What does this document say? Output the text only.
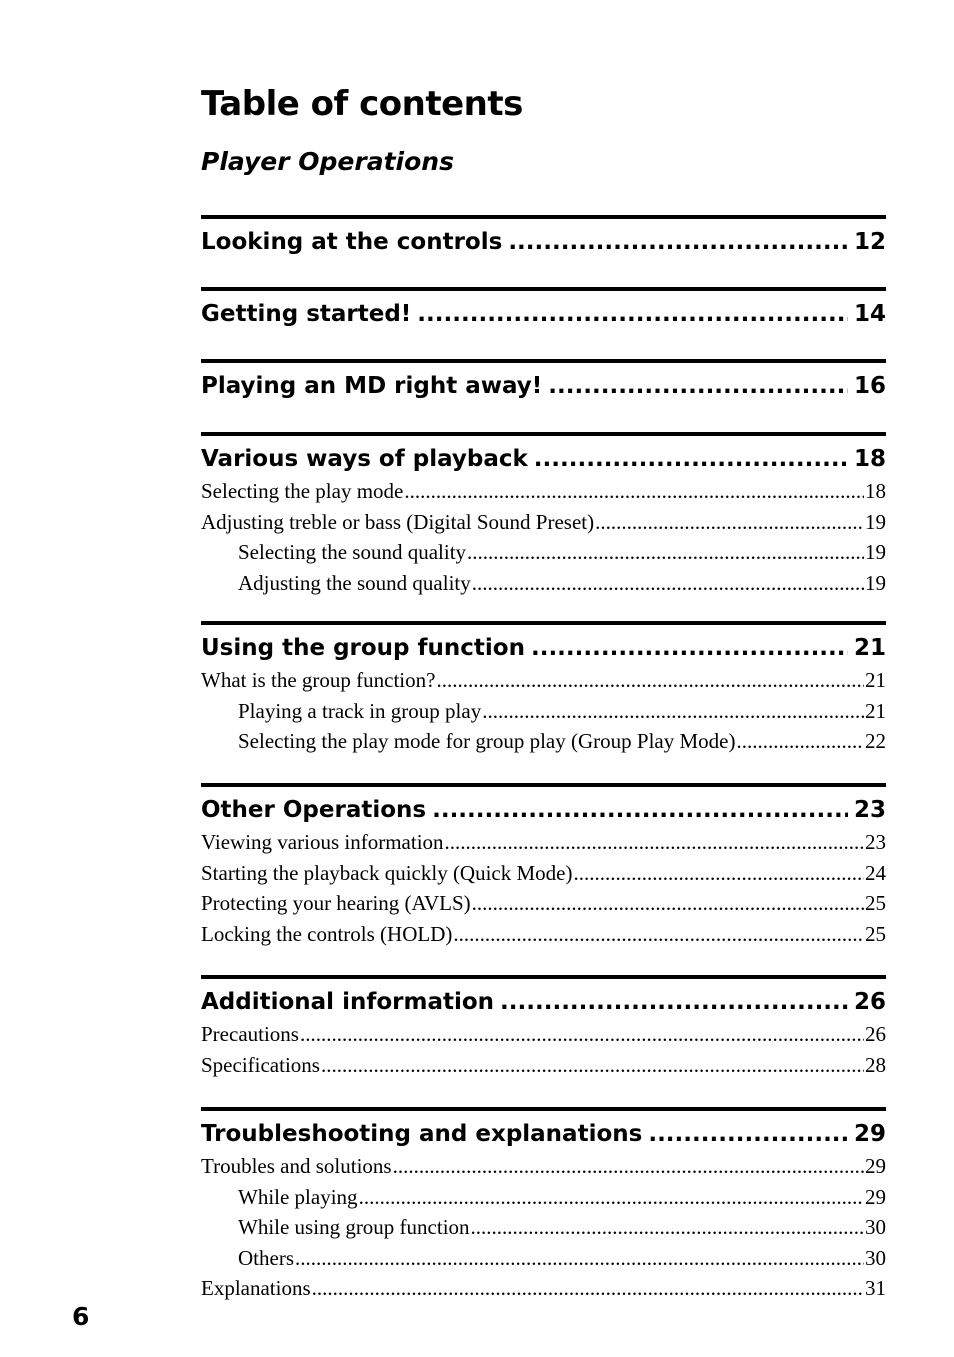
Table of contents
Player Operations
Looking at the controls .....	12
Getting started! .....	14
Playing an MD right away! .....	16
Various ways of playback .....	18
Selecting the play mode .....	18
Adjusting treble or bass (Digital Sound Preset) .....	19
Selecting the sound quality .....	19
Adjusting the sound quality .....	19
Using the group function .....	21
What is the group function? .....	21
Playing a track in group play .....	21
Selecting the play mode for group play (Group Play Mode) .....	22
Other Operations .....	23
Viewing various information .....	23
Starting the playback quickly (Quick Mode) .....	24
Protecting your hearing (AVLS) .....	25
Locking the controls (HOLD) .....	25
Additional information .....	26
Precautions .....	26
Specifications .....	28
Troubleshooting and explanations .....	29
Troubles and solutions .....	29
While playing .....	29
While using group function .....	30
Others .....	30
Explanations .....	31
6
